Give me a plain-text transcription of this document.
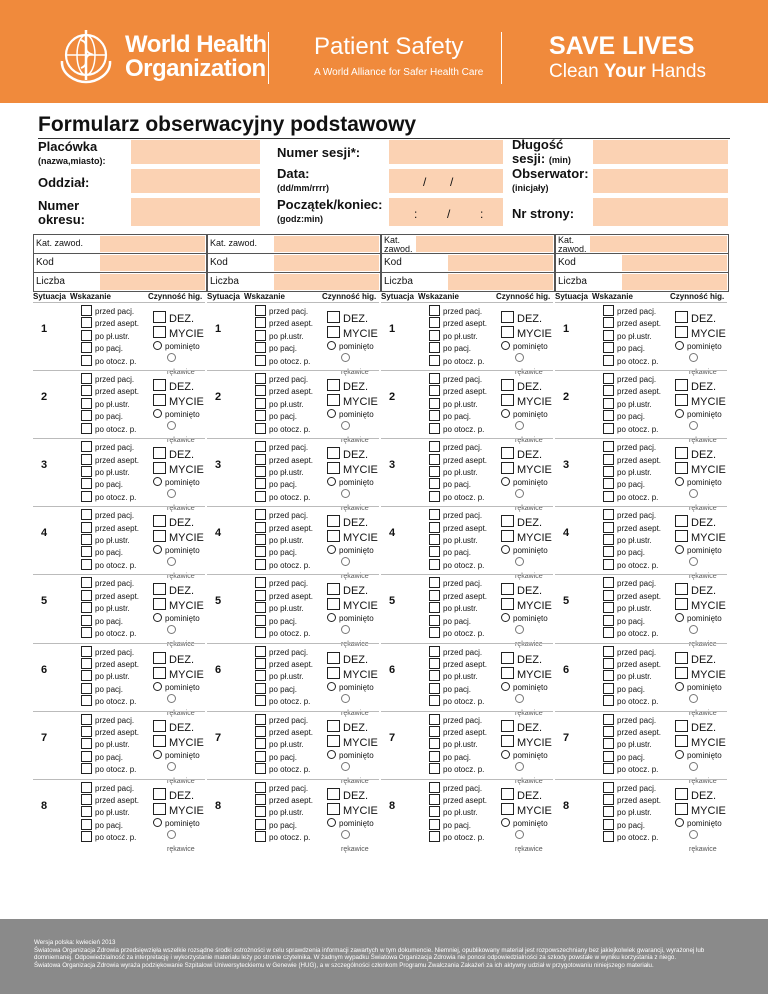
World Health
Organization
Patient Safety
A World Alliance for Safer Health Care
SAVE LIVES
Clean Your Hands
Formularz obserwacyjny podstawowy
Placówka
(nazwa,miasto):
Numer sesji*:
Długość
sesji: (min)
Oddział:
Data:
(dd/mm/rrrr)	/ /
Obserwator:
(inicjały)
Numer
okresu:
Początek/koniec:
(godz:min)	: / : Nr strony:
Kat. zawod.
Kod
Liczba
Sytuacja Wskazanie	Czynność hig.
1
przed pacj.
przed asept.
po pł.ustr.
po pacj.
po otocz. p.
DEZ.
MYCIE
pominięto
rękawice
2
przed pacj.
przed asept.
po pł.ustr.
po pacj.
po otocz. p.
DEZ.
MYCIE
pominięto
rękawice
3
przed pacj.
przed asept.
po pł.ustr.
po pacj.
po otocz. p.
DEZ.
MYCIE
pominięto
rękawice
4
przed pacj.
przed asept.
po pł.ustr.
po pacj.
po otocz. p.
DEZ.
MYCIE
pominięto
rękawice
5
przed pacj.
przed asept.
po pł.ustr.
po pacj.
po otocz. p.
DEZ.
MYCIE
pominięto
rękawice
6
przed pacj.
przed asept.
po pł.ustr.
po pacj.
po otocz. p.
DEZ.
MYCIE
pominięto
rękawice
7
przed pacj.
przed asept.
po pł.ustr.
po pacj.
po otocz. p.
DEZ.
MYCIE
pominięto
rękawice
8
przed pacj.
przed asept.
po pł.ustr.
po pacj.
po otocz. p.
DEZ.
MYCIE
pominięto
rękawice
Kat. zawod.
Kod
Liczba
Sytuacja Wskazanie	Czynność hig.
1
przed pacj.
przed asept.
po pł.ustr.
po pacj.
po otocz. p.
DEZ.
MYCIE
pominięto
rękawice
2
przed pacj.
przed asept.
po pł.ustr.
po pacj.
po otocz. p.
DEZ.
MYCIE
pominięto
rękawice
3
przed pacj.
przed asept.
po pł.ustr.
po pacj.
po otocz. p.
DEZ.
MYCIE
pominięto
rękawice
4
przed pacj.
przed asept.
po pł.ustr.
po pacj.
po otocz. p.
DEZ.
MYCIE
pominięto
rękawice
5
przed pacj.
przed asept.
po pł.ustr.
po pacj.
po otocz. p.
DEZ.
MYCIE
pominięto
rękawice
6
przed pacj.
przed asept.
po pł.ustr.
po pacj.
po otocz. p.
DEZ.
MYCIE
pominięto
rękawice
7
przed pacj.
przed asept.
po pł.ustr.
po pacj.
po otocz. p.
DEZ.
MYCIE
pominięto
rękawice
8
przed pacj.
przed asept.
po pł.ustr.
po pacj.
po otocz. p.
DEZ.
MYCIE
pominięto
rękawice
Kat.
zawod.
Kod
Liczba
Sytuacja Wskazanie	Czynność hig.
1
przed pacj.
przed asept.
po pł.ustr.
po pacj.
po otocz. p.
DEZ.
MYCIE
pominięto
rękawice
2
przed pacj.
przed asept.
po pł.ustr.
po pacj.
po otocz. p.
DEZ.
MYCIE
pominięto
rękawice
3
przed pacj.
przed asept.
po pł.ustr.
po pacj.
po otocz. p.
DEZ.
MYCIE
pominięto
rękawice
4
przed pacj.
przed asept.
po pł.ustr.
po pacj.
po otocz. p.
DEZ.
MYCIE
pominięto
rękawice
5
przed pacj.
przed asept.
po pł.ustr.
po pacj.
po otocz. p.
DEZ.
MYCIE
pominięto
rękawice
6
przed pacj.
przed asept.
po pł.ustr.
po pacj.
po otocz. p.
DEZ.
MYCIE
pominięto
rękawice
7
przed pacj.
przed asept.
po pł.ustr.
po pacj.
po otocz. p.
DEZ.
MYCIE
pominięto
rękawice
8
przed pacj.
przed asept.
po pł.ustr.
po pacj.
po otocz. p.
DEZ.
MYCIE
pominięto
rękawice
Kat.
zawod.
Kod
Liczba
Sytuacja Wskazanie	Czynność hig.
1
przed pacj.
przed asept.
po pł.ustr.
po pacj.
po otocz. p.
DEZ.
MYCIE
pominięto
rękawice
2
przed pacj.
przed asept.
po pł.ustr.
po pacj.
po otocz. p.
DEZ.
MYCIE
pominięto
rękawice
3
przed pacj.
przed asept.
po pł.ustr.
po pacj.
po otocz. p.
DEZ.
MYCIE
pominięto
rękawice
4
przed pacj.
przed asept.
po pł.ustr.
po pacj.
po otocz. p.
DEZ.
MYCIE
pominięto
rękawice
5
przed pacj.
przed asept.
po pł.ustr.
po pacj.
po otocz. p.
DEZ.
MYCIE
pominięto
rękawice
6
przed pacj.
przed asept.
po pł.ustr.
po pacj.
po otocz. p.
DEZ.
MYCIE
pominięto
rękawice
7
przed pacj.
przed asept.
po pł.ustr.
po pacj.
po otocz. p.
DEZ.
MYCIE
pominięto
rękawice
8
przed pacj.
przed asept.
po pł.ustr.
po pacj.
po otocz. p.
DEZ.
MYCIE
pominięto
rękawice
Wersja polska: kwiecień 2013
Światowa Organizacja Zdrowia przedsięwzięła wszelkie rozsądne środki ostrożności w celu sprawdzenia informacji zawartych w tym dokumencie. Niemniej, opublikowany materiał jest rozpowszechniany bez jakiejkolwiek gwarancji, wyrażonej lub domniemanej. Odpowiedzialność za interpretację i wykorzystanie materiału leży po stronie czytelnika. W żadnym wypadku Światowa Organizacja Zdrowia nie ponosi odpowiedzialności za szkody powstałe w wyniku korzystania z niego.
Światowa Organizacja Zdrowia wyraża podziękowanie Szpitalowi Uniwersyteckiemu w Genewie (HUG), a w szczególności członkom Programu Zwalczania Zakażeń za ich aktywny udział w przygotowaniu niniejszego materiału.
